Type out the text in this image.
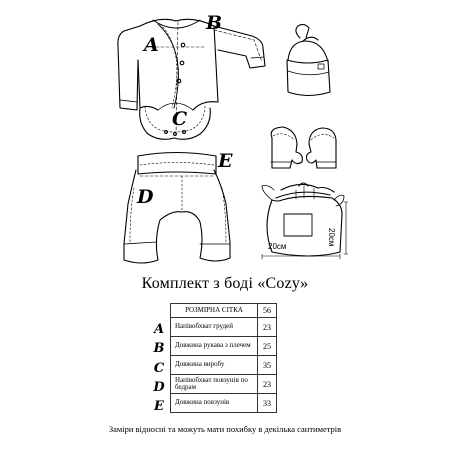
A
B
C
D
E
20см
20см
Комплект з боді «Cozy»
РОЗМІРНА СІТКА	56
Напівобхват грудей	23
Довжина рукава з плечем	25
Довжина виробу	35
Напівобхват повзунів по бедрам	23
Довжина повзунів	33
A
B
C
D
E
Заміри відносні та можуть мати похибку в декілька сантиметрів
